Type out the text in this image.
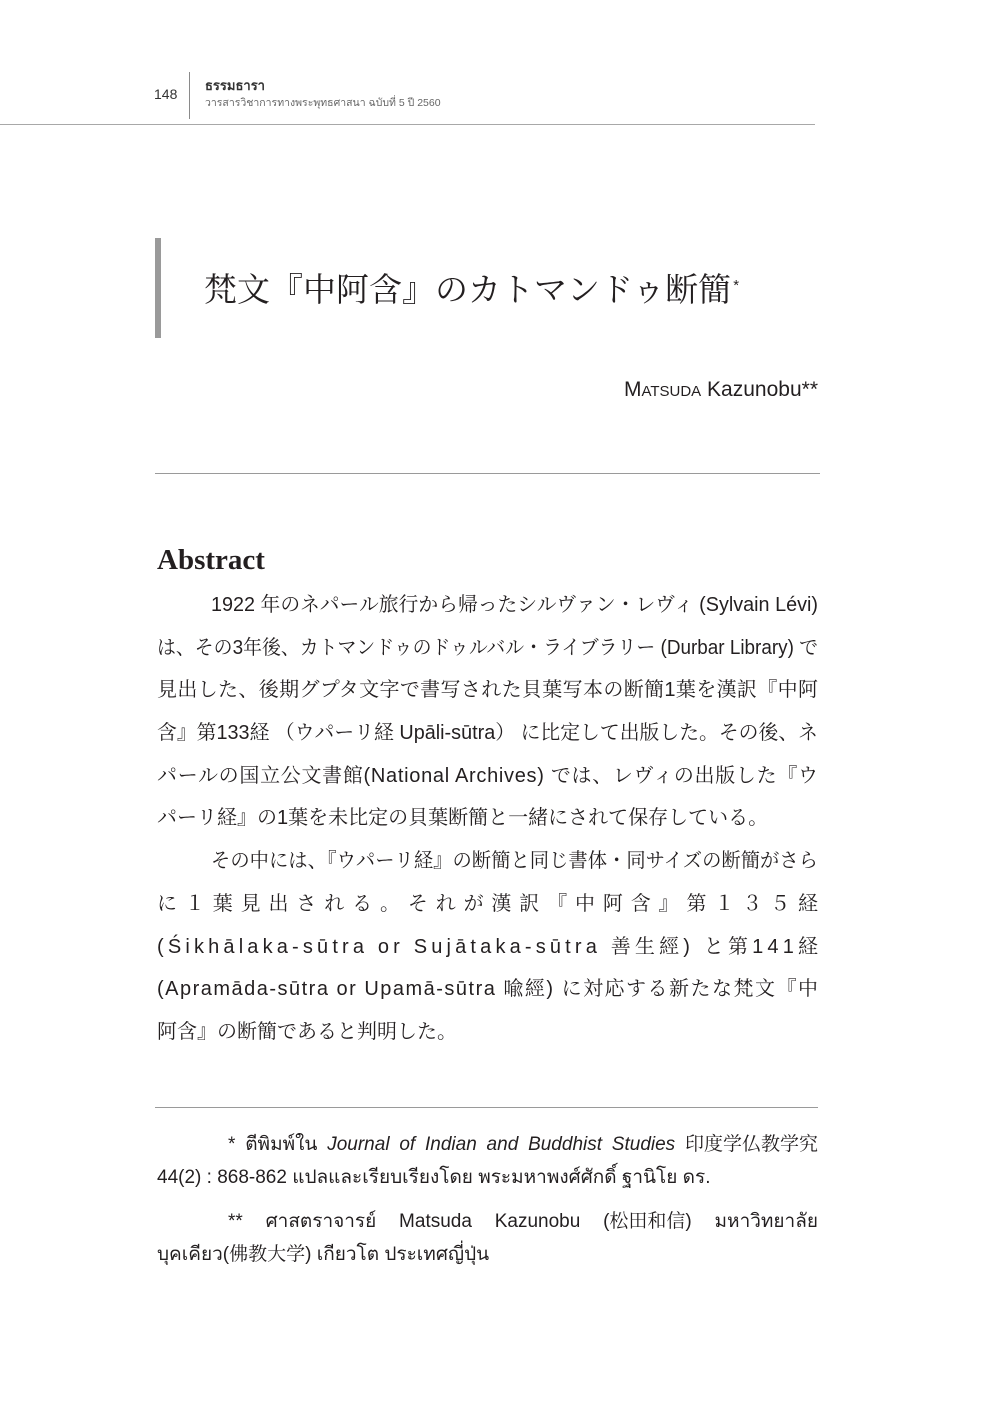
148
ธรรมธารา
วารสารวิชาการทางพระพุทธศาสนา ฉบับที่ 5 ปี 2560
梵文『中阿含』のカトマンドゥ断簡 *
Matsuda Kazunobu**
Abstract
1922 年のネパール旅行から帰ったシルヴァン・レヴィ (Sylvain Lévi)
は、その3年後、カトマンドゥのドゥルバル・ライブラリー (Durbar Library) で
見出した、後期グプタ文字で書写された貝葉写本の断簡1葉を漢訳『中阿
含』第133経 （ウパーリ経 Upāli-sūtra） に比定して出版した。その後、ネ
パールの国立公文書館(National Archives) では、レヴィの出版した『ウ
パーリ経』の1葉を未比定の貝葉断簡と一緒にされて保存している。
その中には、『ウパーリ経』の断簡と同じ書体・同サイズの断簡がさら
に１葉見出される。それが漢訳『中阿含』第１３５経
(Śikhālaka-sūtra or Sujātaka-sūtra 善生經) と第141経
(Apramāda-sūtra or Upamā-sūtra 喩經) に対応する新たな梵文『中
阿含』の断簡であると判明した。
* ตีพิมพ์ใน Journal of Indian and Buddhist Studies 印度学仏教学究
44(2) : 868-862 แปลและเรียบเรียงโดย พระมหาพงศ์ศักดิ์ ฐานิโย ดร.
** ศาสตราจารย์ Matsuda Kazunobu (松田和信) มหาวิทยาลัย
บุคเคียว(佛教大学) เกียวโต ประเทศญี่ปุ่น
